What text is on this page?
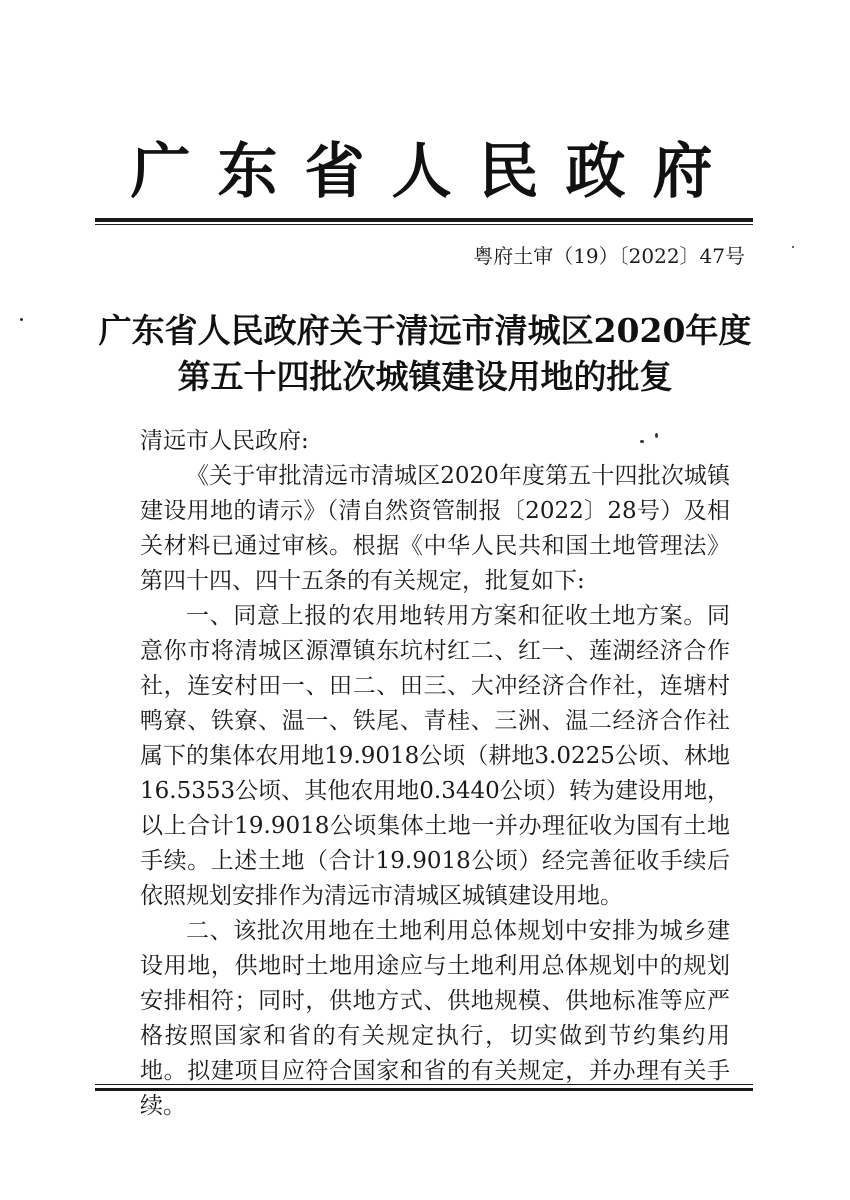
广东省人民政府
粤府土审（19）〔2022〕47号
广东省人民政府关于清远市清城区2020年度
第五十四批次城镇建设用地的批复

清远市人民政府:

《关于审批清远市清城区2020年度第五十四批次城镇建设用地的请示》（清自然资管制报〔2022〕28号）及相关材料已通过审核。根据《中华人民共和国土地管理法》第四十四、四十五条的有关规定，批复如下:

一、同意上报的农用地转用方案和征收土地方案。同意你市将清城区源潭镇东坑村红二、红一、莲湖经济合作社，连安村田一、田二、田三、大冲经济合作社，连塘村鸭寮、铁寮、温一、铁尾、青桂、三洲、温二经济合作社属下的集体农用地19.9018公顷（耕地3.0225公顷、林地16.5353公顷、其他农用地0.3440公顷）转为建设用地，以上合计19.9018公顷集体土地一并办理征收为国有土地手续。上述土地（合计19.9018公顷）经完善征收手续后依照规划安排作为清远市清城区城镇建设用地。

二、该批次用地在土地利用总体规划中安排为城乡建设用地，供地时土地用途应与土地利用总体规划中的规划安排相符；同时，供地方式、供地规模、供地标准等应严格按照国家和省的有关规定执行，切实做到节约集约用地。拟建项目应符合国家和省的有关规定，并办理有关手续。
